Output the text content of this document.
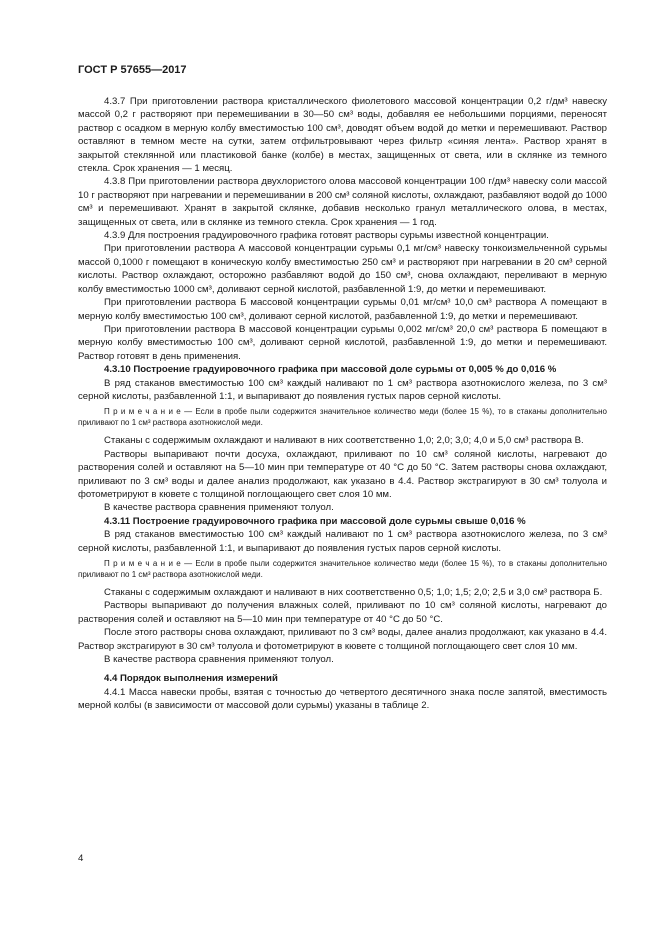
ГОСТ Р 57655—2017

4.3.7 При приготовлении раствора кристаллического фиолетового массовой концентрации 0,2 г/дм³ навеску массой 0,2 г растворяют при перемешивании в 30—50 см³ воды, добавляя ее небольшими порциями, переносят раствор с осадком в мерную колбу вместимостью 100 см³, доводят объем водой до метки и перемешивают. Раствор оставляют в темном месте на сутки, затем отфильтровывают через фильтр «синяя лента». Раствор хранят в закрытой стеклянной или пластиковой банке (колбе) в местах, защищенных от света, или в склянке из темного стекла. Срок хранения — 1 месяц.

4.3.8 При приготовлении раствора двухлористого олова массовой концентрации 100 г/дм³ навеску соли массой 10 г растворяют при нагревании и перемешивании в 200 см³ соляной кислоты, охлаждают, разбавляют водой до 1000 см³ и перемешивают. Хранят в закрытой склянке, добавив несколько гранул металлического олова, в местах, защищенных от света, или в склянке из темного стекла. Срок хранения — 1 год.

4.3.9 Для построения градуировочного графика готовят растворы сурьмы известной концентрации.

При приготовлении раствора А массовой концентрации сурьмы 0,1 мг/см³ навеску тонкоизмельченной сурьмы массой 0,1000 г помещают в коническую колбу вместимостью 250 см³ и растворяют при нагревании в 20 см³ серной кислоты. Раствор охлаждают, осторожно разбавляют водой до 150 см³, снова охлаждают, переливают в мерную колбу вместимостью 1000 см³, доливают серной кислотой, разбавленной 1:9, до метки и перемешивают.

При приготовлении раствора Б массовой концентрации сурьмы 0,01 мг/см³ 10,0 см³ раствора А помещают в мерную колбу вместимостью 100 см³, доливают серной кислотой, разбавленной 1:9, до метки и перемешивают.

При приготовлении раствора В массовой концентрации сурьмы 0,002 мг/см³ 20,0 см³ раствора Б помещают в мерную колбу вместимостью 100 см³, доливают серной кислотой, разбавленной 1:9, до метки и перемешивают. Раствор готовят в день применения.

4.3.10 Построение градуировочного графика при массовой доле сурьмы от 0,005 % до 0,016 %

В ряд стаканов вместимостью 100 см³ каждый наливают по 1 см³ раствора азотнокислого железа, по 3 см³ серной кислоты, разбавленной 1:1, и выпаривают до появления густых паров серной кислоты.

П р и м е ч а н и е — Если в пробе пыли содержится значительное количество меди (более 15 %), то в стаканы дополнительно приливают по 1 см³ раствора азотнокислой меди.

Стаканы с содержимым охлаждают и наливают в них соответственно 1,0; 2,0; 3,0; 4,0 и 5,0 см³ раствора В.

Растворы выпаривают почти досуха, охлаждают, приливают по 10 см³ соляной кислоты, нагревают до растворения солей и оставляют на 5—10 мин при температуре от 40 °С до 50 °С. Затем растворы снова охлаждают, приливают по 3 см³ воды и далее анализ продолжают, как указано в 4.4. Раствор экстрагируют в 30 см³ толуола и фотометрируют в кювете с толщиной поглощающего свет слоя 10 мм.

В качестве раствора сравнения применяют толуол.

4.3.11 Построение градуировочного графика при массовой доле сурьмы свыше 0,016 %

В ряд стаканов вместимостью 100 см³ каждый наливают по 1 см³ раствора азотнокислого железа, по 3 см³ серной кислоты, разбавленной 1:1, и выпаривают до появления густых паров серной кислоты.

П р и м е ч а н и е — Если в пробе пыли содержится значительное количество меди (более 15 %), то в стаканы дополнительно приливают по 1 см³ раствора азотнокислой меди.

Стаканы с содержимым охлаждают и наливают в них соответственно 0,5; 1,0; 1,5; 2,0; 2,5 и 3,0 см³ раствора Б.

Растворы выпаривают до получения влажных солей, приливают по 10 см³ соляной кислоты, нагревают до растворения солей и оставляют на 5—10 мин при температуре от 40 °С до 50 °С.

После этого растворы снова охлаждают, приливают по 3 см³ воды, далее анализ продолжают, как указано в 4.4. Раствор экстрагируют в 30 см³ толуола и фотометрируют в кювете с толщиной поглощающего свет слоя 10 мм.

В качестве раствора сравнения применяют толуол.

4.4 Порядок выполнения измерений

4.4.1 Масса навески пробы, взятая с точностью до четвертого десятичного знака после запятой, вместимость мерной колбы (в зависимости от массовой доли сурьмы) указаны в таблице 2.

4
